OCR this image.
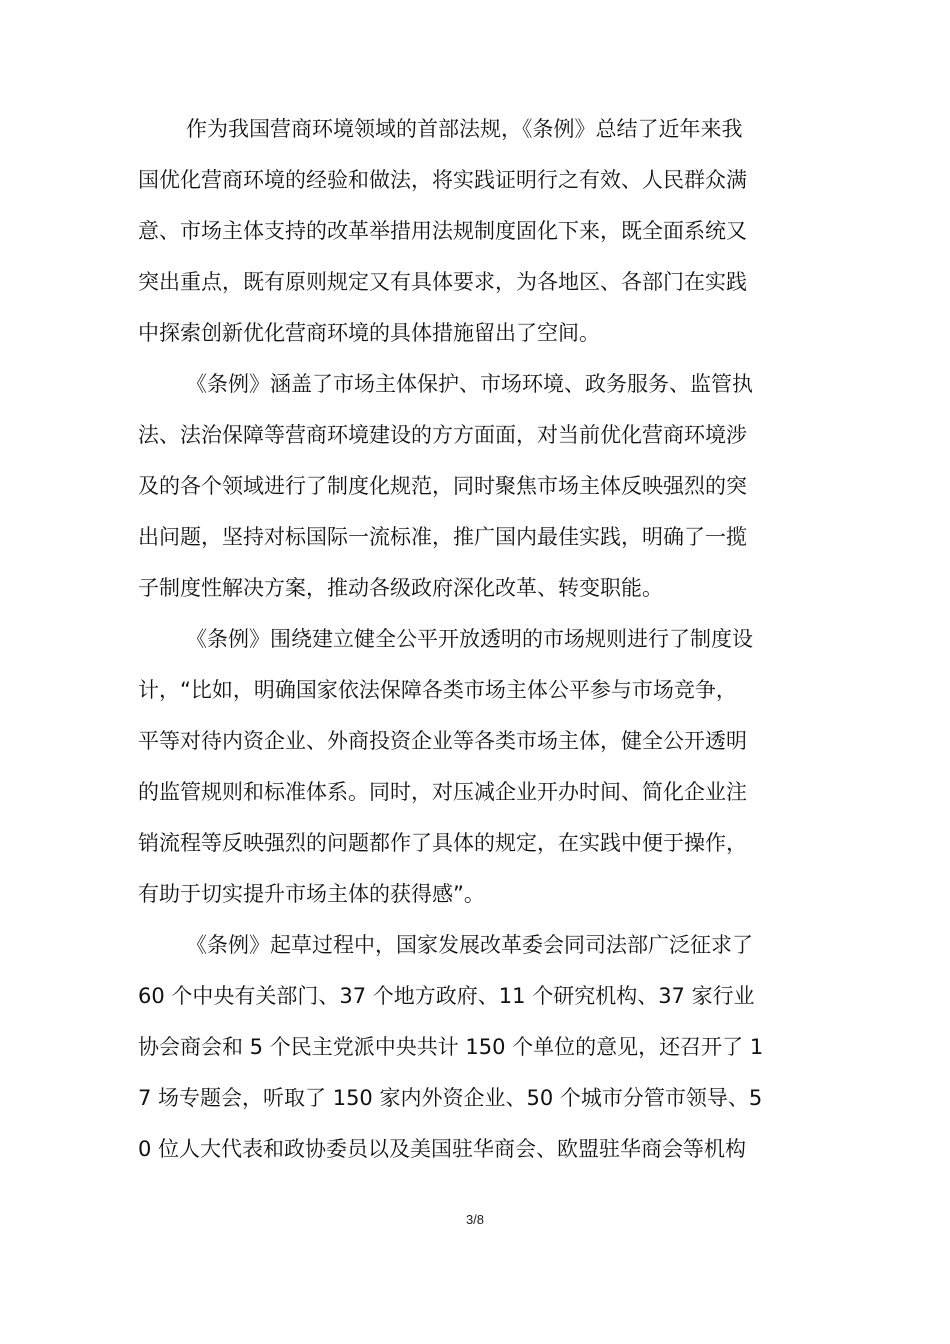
作为我国营商环境领域的首部法规，《条例》总结了近年来我
国优化营商环境的经验和做法，将实践证明行之有效、人民群众满
意、市场主体支持的改革举措用法规制度固化下来，既全面系统又
突出重点，既有原则规定又有具体要求，为各地区、各部门在实践
中探索创新优化营商环境的具体措施留出了空间。
《条例》涵盖了市场主体保护、市场环境、政务服务、监管执
法、法治保障等营商环境建设的方方面面，对当前优化营商环境涉
及的各个领域进行了制度化规范，同时聚焦市场主体反映强烈的突
出问题，坚持对标国际一流标准，推广国内最佳实践，明确了一揽
子制度性解决方案，推动各级政府深化改革、转变职能。
《条例》围绕建立健全公平开放透明的市场规则进行了制度设
计，“比如，明确国家依法保障各类市场主体公平参与市场竞争，
平等对待内资企业、外商投资企业等各类市场主体，健全公开透明
的监管规则和标准体系。同时，对压减企业开办时间、简化企业注
销流程等反映强烈的问题都作了具体的规定，在实践中便于操作，
有助于切实提升市场主体的获得感”。
《条例》起草过程中，国家发展改革委会同司法部广泛征求了
60 个中央有关部门、37 个地方政府、11 个研究机构、37 家行业
协会商会和 5 个民主党派中央共计 150 个单位的意见，还召开了 1
7 场专题会，听取了 150 家内外资企业、50 个城市分管市领导、5
0 位人大代表和政协委员以及美国驻华商会、欧盟驻华商会等机构
3/8
